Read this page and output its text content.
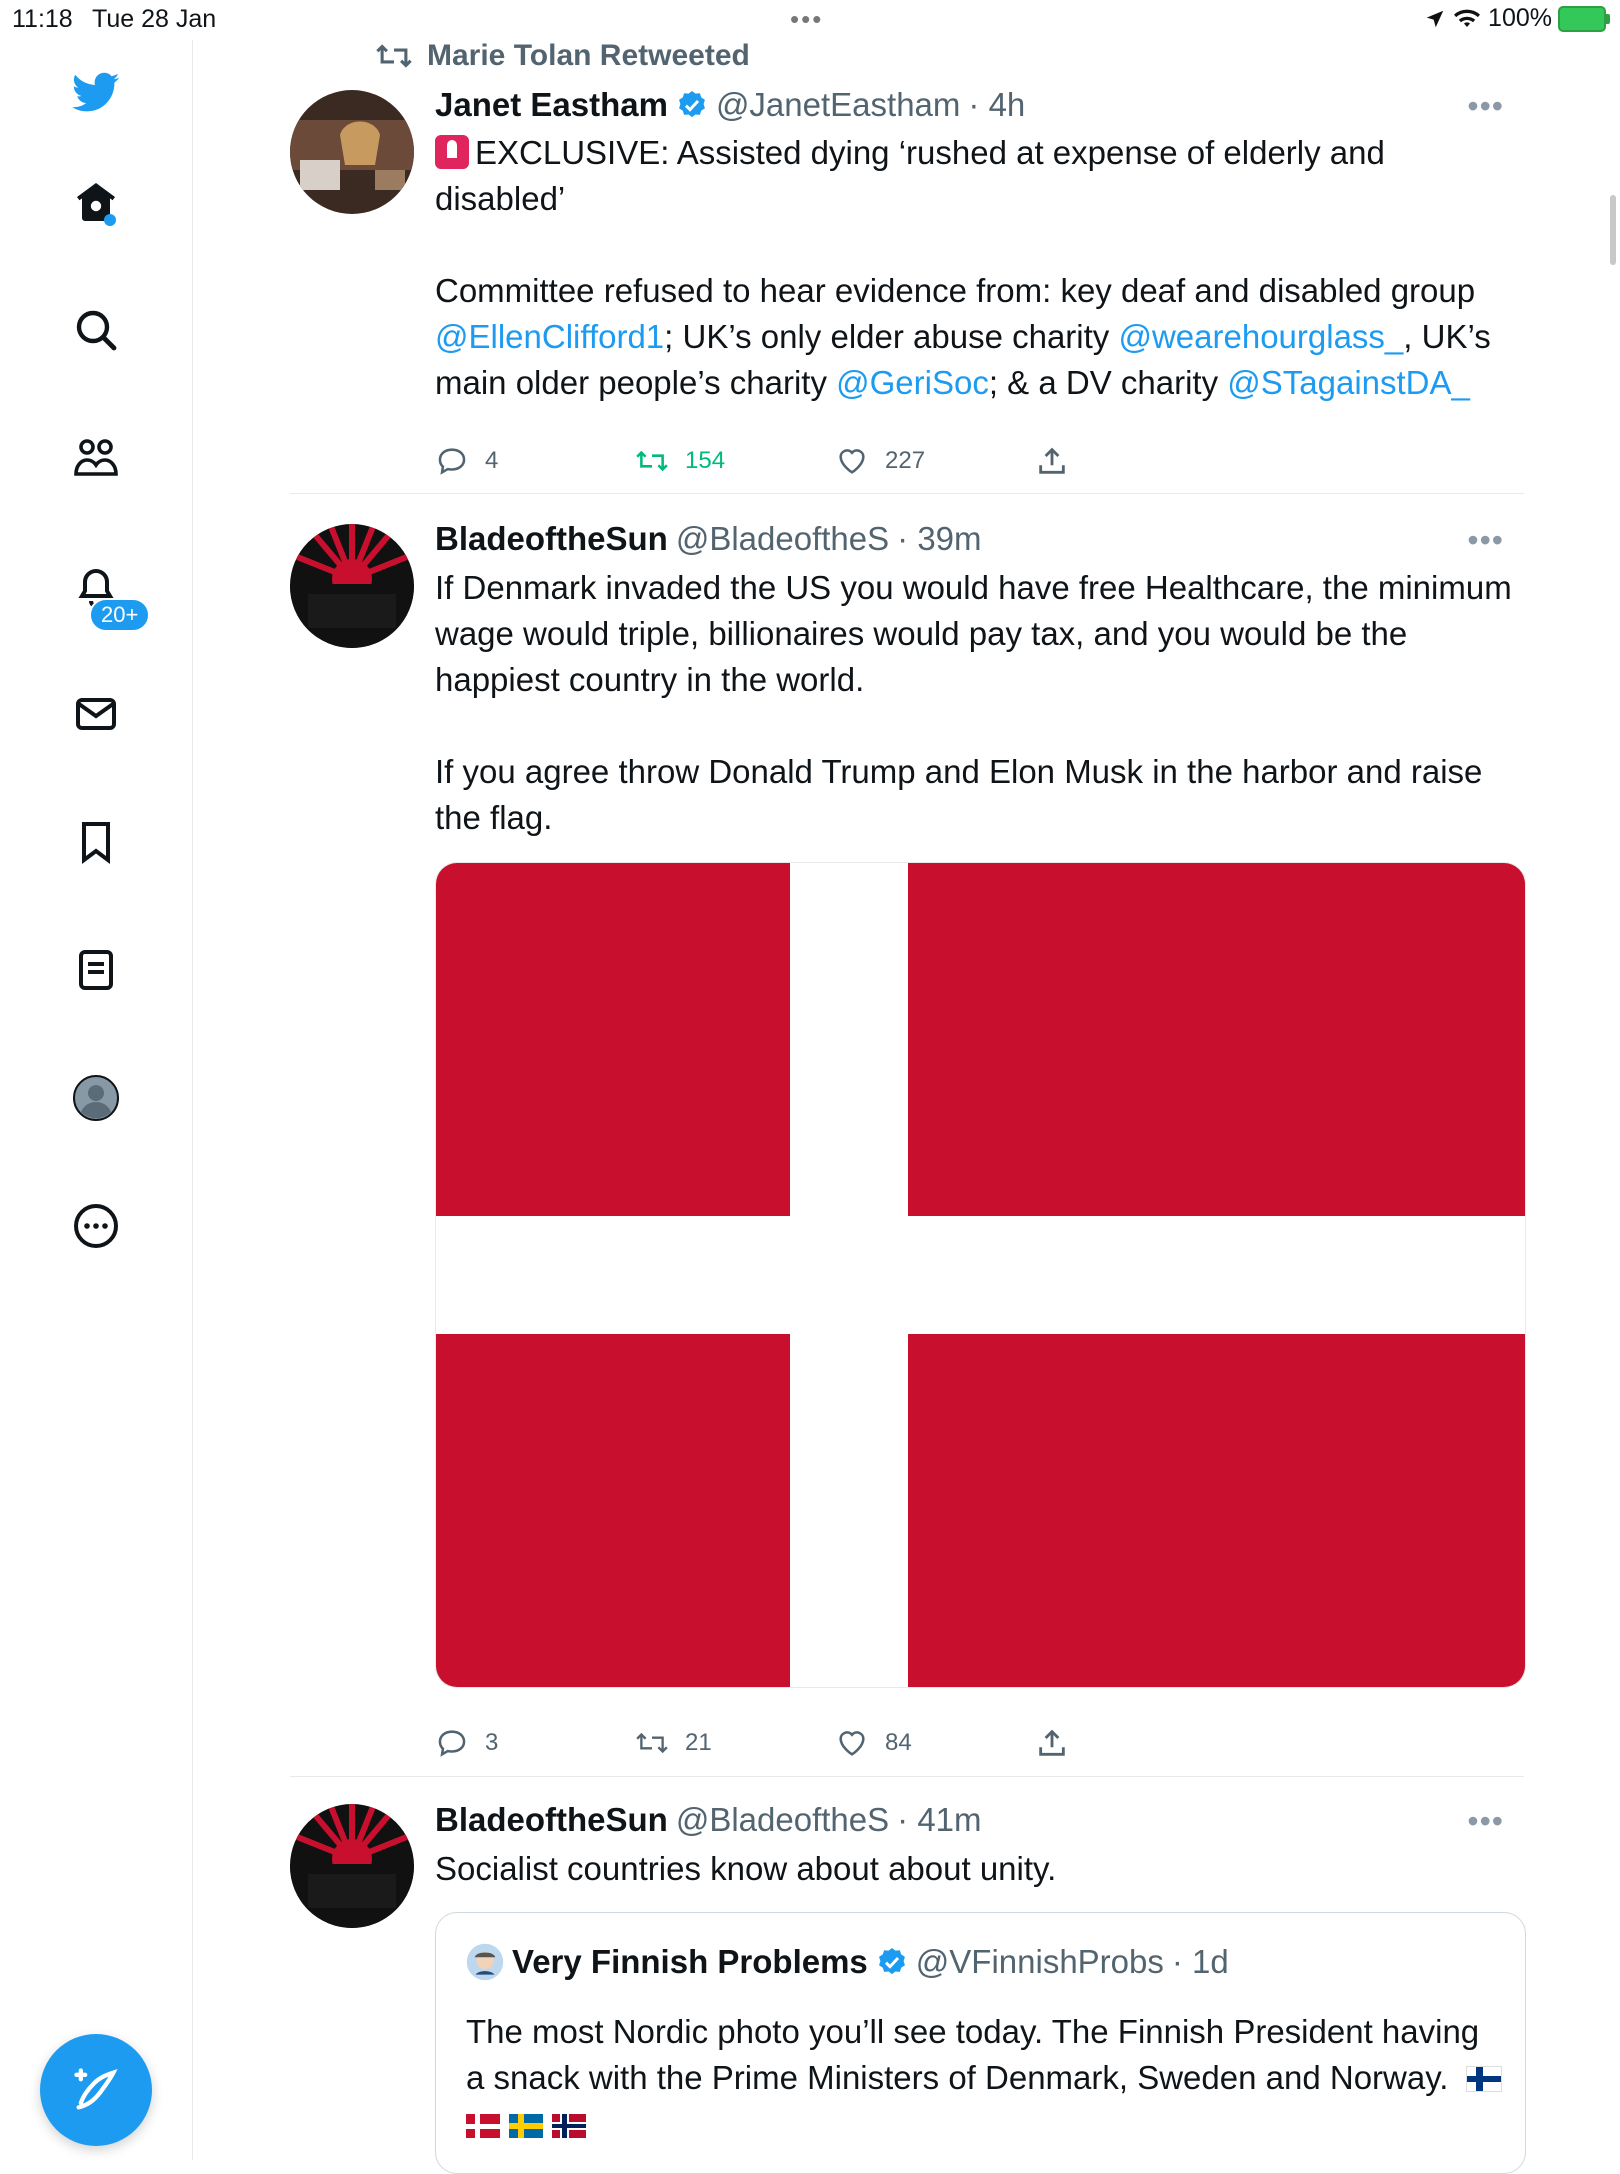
11:18 Tue 28 Jan	•••	100%
20+
Marie Tolan Retweeted
Janet Eastham @JanetEastham · 4h	•••
EXCLUSIVE: Assisted dying ‘rushed at expense of elderly and
disabled’

Committee refused to hear evidence from: key deaf and disabled group
@EllenClifford1; UK’s only elder abuse charity @wearehourglass_, UK’s
main older people’s charity @GeriSoc; & a DV charity @STagainstDA_
4	154	227
BladeoftheSun @BladeoftheS · 39m	•••
If Denmark invaded the US you would have free Healthcare, the minimum wage would triple, billionaires would pay tax, and you would be the happiest country in the world.

If you agree throw Donald Trump and Elon Musk in the harbor and raise the flag.
3	21	84
BladeoftheSun @BladeoftheS · 41m	•••
Socialist countries know about about unity.
Very Finnish Problems @VFinnishProbs · 1d
The most Nordic photo you’ll see today. The Finnish President having a snack with the Prime Ministers of Denmark, Sweden and Norway.
